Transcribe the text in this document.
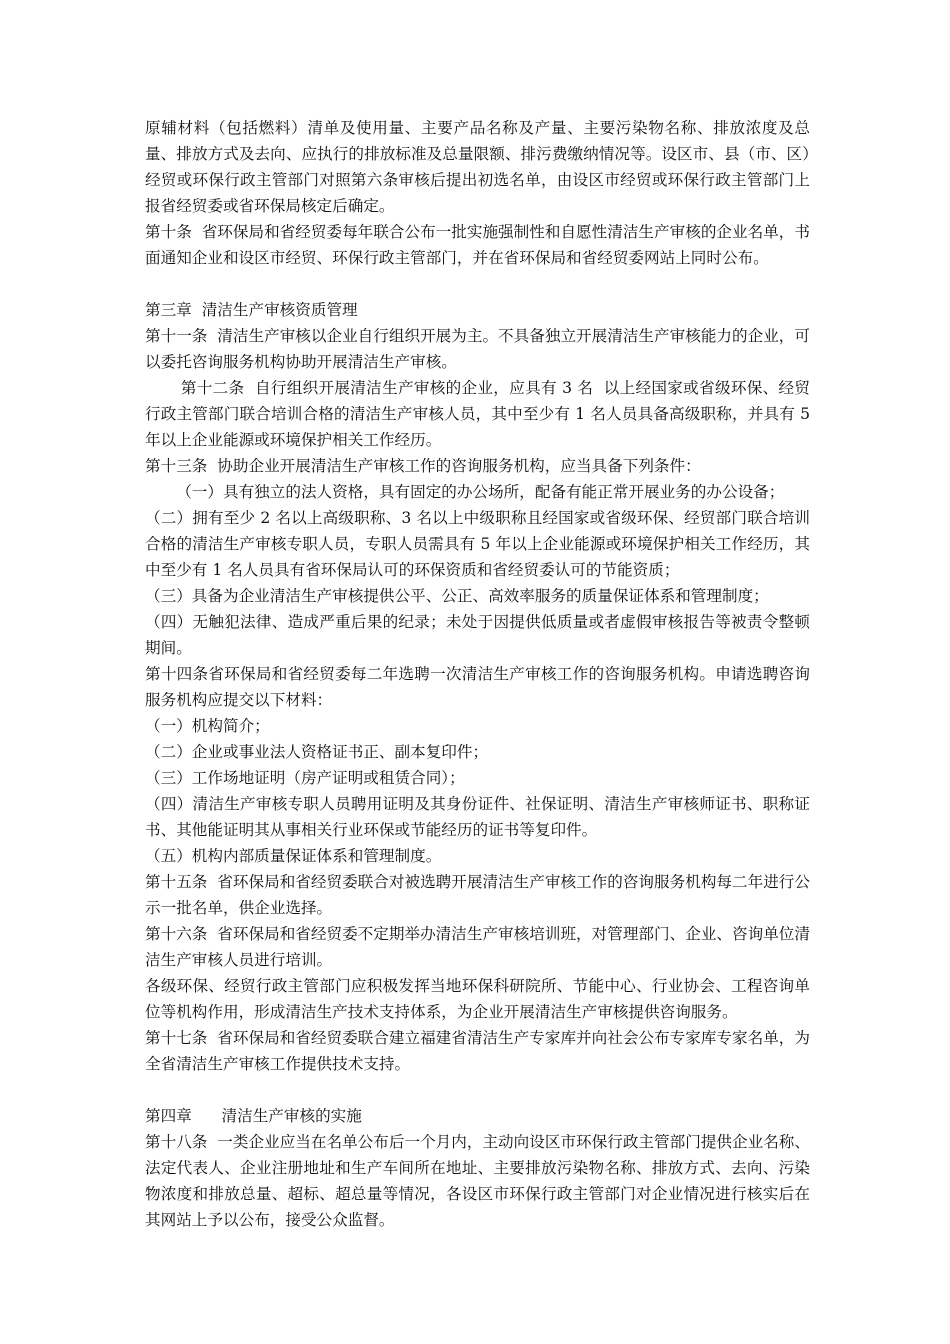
原辅材料（包括燃料）清单及使用量、主要产品名称及产量、主要污染物名称、排放浓度及总量、排放方式及去向、应执行的排放标准及总量限额、排污费缴纳情况等。设区市、县（市、区）经贸或环保行政主管部门对照第六条审核后提出初选名单，由设区市经贸或环保行政主管部门上报省经贸委或省环保局核定后确定。

第十条  省环保局和省经贸委每年联合公布一批实施强制性和自愿性清洁生产审核的企业名单，书面通知企业和设区市经贸、环保行政主管部门，并在省环保局和省经贸委网站上同时公布。

第三章  清洁生产审核资质管理

第十一条  清洁生产审核以企业自行组织开展为主。不具备独立开展清洁生产审核能力的企业，可以委托咨询服务机构协助开展清洁生产审核。

第十二条  自行组织开展清洁生产审核的企业，应具有 3 名  以上经国家或省级环保、经贸行政主管部门联合培训合格的清洁生产审核人员，其中至少有 1 名人员具备高级职称，并具有 5 年以上企业能源或环境保护相关工作经历。

第十三条  协助企业开展清洁生产审核工作的咨询服务机构，应当具备下列条件：

（一）具有独立的法人资格，具有固定的办公场所，配备有能正常开展业务的办公设备；

（二）拥有至少 2 名以上高级职称、3 名以上中级职称且经国家或省级环保、经贸部门联合培训合格的清洁生产审核专职人员，专职人员需具有 5 年以上企业能源或环境保护相关工作经历，其中至少有 1 名人员具有省环保局认可的环保资质和省经贸委认可的节能资质；

（三）具备为企业清洁生产审核提供公平、公正、高效率服务的质量保证体系和管理制度；

（四）无触犯法律、造成严重后果的纪录；未处于因提供低质量或者虚假审核报告等被责令整顿期间。

第十四条省环保局和省经贸委每二年选聘一次清洁生产审核工作的咨询服务机构。申请选聘咨询服务机构应提交以下材料：

（一）机构简介；

（二）企业或事业法人资格证书正、副本复印件；

（三）工作场地证明（房产证明或租赁合同）；

（四）清洁生产审核专职人员聘用证明及其身份证件、社保证明、清洁生产审核师证书、职称证书、其他能证明其从事相关行业环保或节能经历的证书等复印件。

（五）机构内部质量保证体系和管理制度。

第十五条  省环保局和省经贸委联合对被选聘开展清洁生产审核工作的咨询服务机构每二年进行公示一批名单，供企业选择。

第十六条  省环保局和省经贸委不定期举办清洁生产审核培训班，对管理部门、企业、咨询单位清洁生产审核人员进行培训。

各级环保、经贸行政主管部门应积极发挥当地环保科研院所、节能中心、行业协会、工程咨询单位等机构作用，形成清洁生产技术支持体系，为企业开展清洁生产审核提供咨询服务。

第十七条  省环保局和省经贸委联合建立福建省清洁生产专家库并向社会公布专家库专家名单，为全省清洁生产审核工作提供技术支持。

第四章      清洁生产审核的实施

第十八条  一类企业应当在名单公布后一个月内，主动向设区市环保行政主管部门提供企业名称、法定代表人、企业注册地址和生产车间所在地址、主要排放污染物名称、排放方式、去向、污染物浓度和排放总量、超标、超总量等情况，各设区市环保行政主管部门对企业情况进行核实后在其网站上予以公布，接受公众监督。
